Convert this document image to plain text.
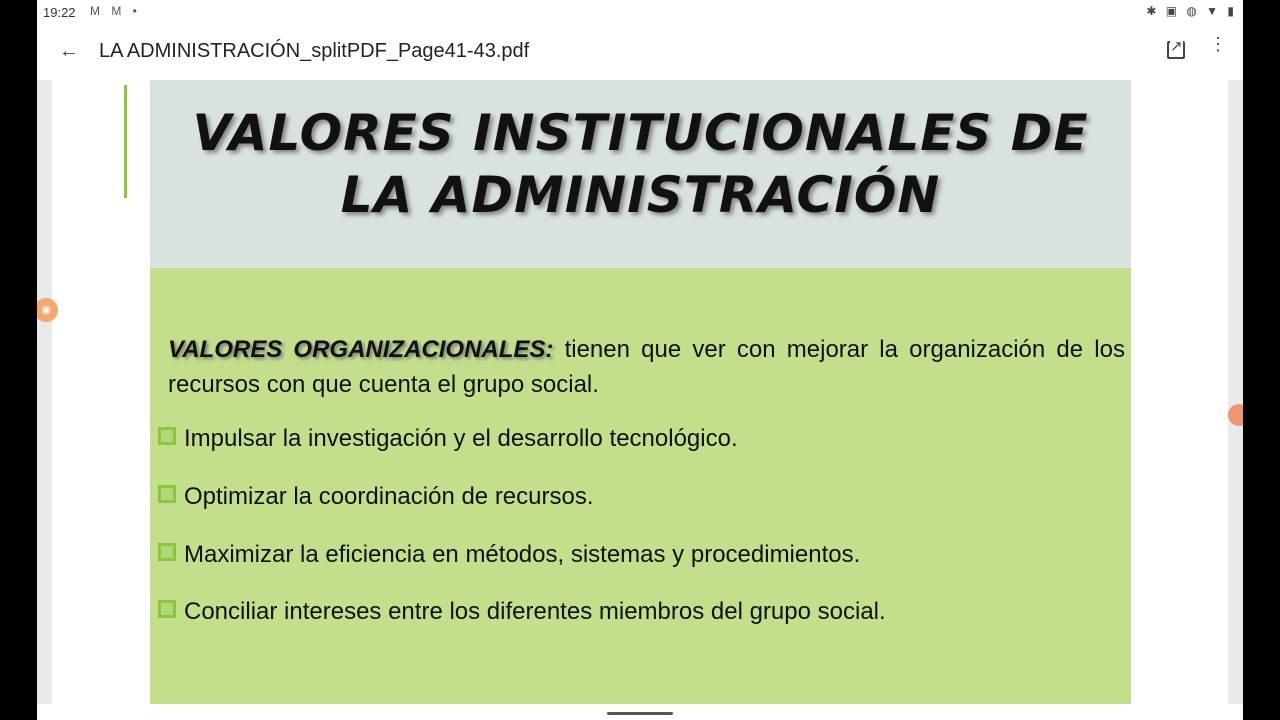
19:22 M M •	✱ ▣ ◍ ▼ ▮
← LA ADMINISTRACIÓN_splitPDF_Page41-43.pdf ↗	⋮
VALORES INSTITUCIONALES DE LA ADMINISTRACIÓN

VALORES ORGANIZACIONALES: tienen que ver con mejorar la organización de los recursos con que cuenta el grupo social.

Impulsar la investigación y el desarrollo tecnológico.
Optimizar la coordinación de recursos.
Maximizar la eficiencia en métodos, sistemas y procedimientos.
Conciliar intereses entre los diferentes miembros del grupo social.
◉
